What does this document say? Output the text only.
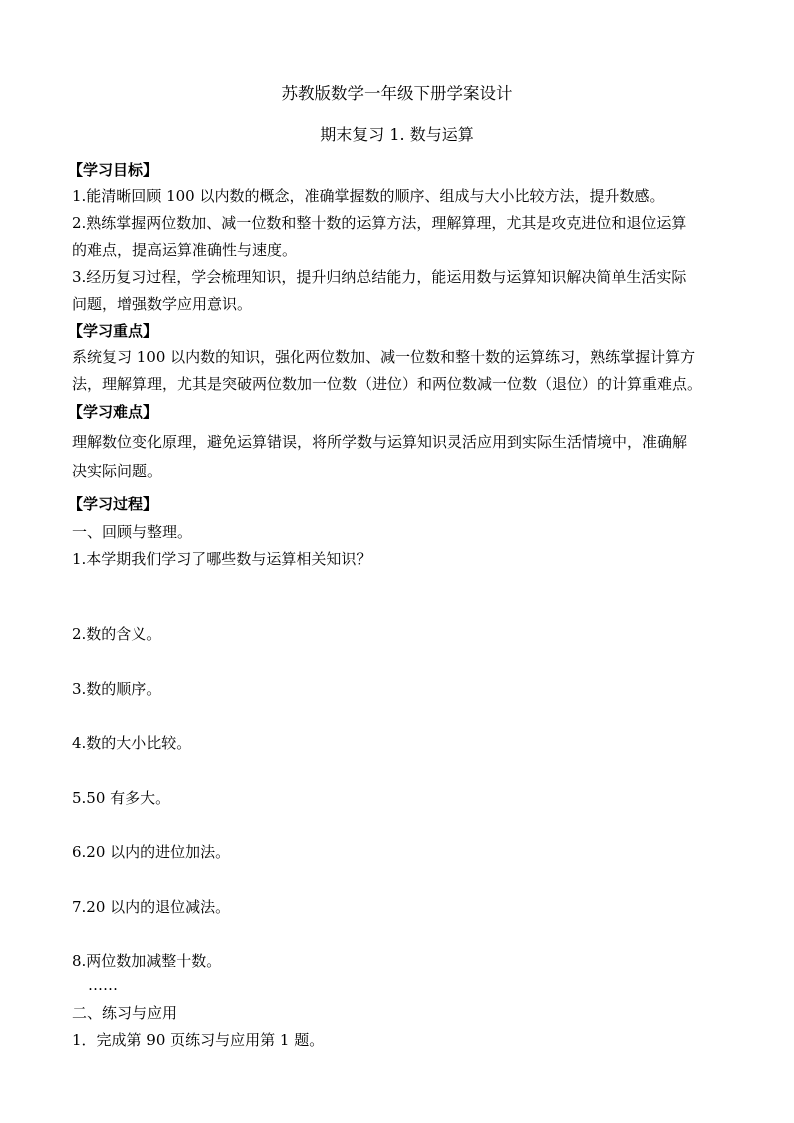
苏教版数学一年级下册学案设计
期末复习 1. 数与运算
【学习目标】
1.能清晰回顾 100 以内数的概念，准确掌握数的顺序、组成与大小比较方法，提升数感。
2.熟练掌握两位数加、减一位数和整十数的运算方法，理解算理，尤其是攻克进位和退位运算
的难点，提高运算准确性与速度。
3.经历复习过程，学会梳理知识，提升归纳总结能力，能运用数与运算知识解决简单生活实际
问题，增强数学应用意识。
【学习重点】
系统复习 100 以内数的知识，强化两位数加、减一位数和整十数的运算练习，熟练掌握计算方
法，理解算理，尤其是突破两位数加一位数（进位）和两位数减一位数（退位）的计算重难点。
【学习难点】
理解数位变化原理，避免运算错误，将所学数与运算知识灵活应用到实际生活情境中，准确解
决实际问题。
【学习过程】
一、回顾与整理。
1.本学期我们学习了哪些数与运算相关知识？
2.数的含义。
3.数的顺序。
4.数的大小比较。
5.50 有多大。
6.20 以内的进位加法。
7.20 以内的退位减法。
8.两位数加减整十数。
……
二、练习与应用
1．完成第 90 页练习与应用第 1 题。
